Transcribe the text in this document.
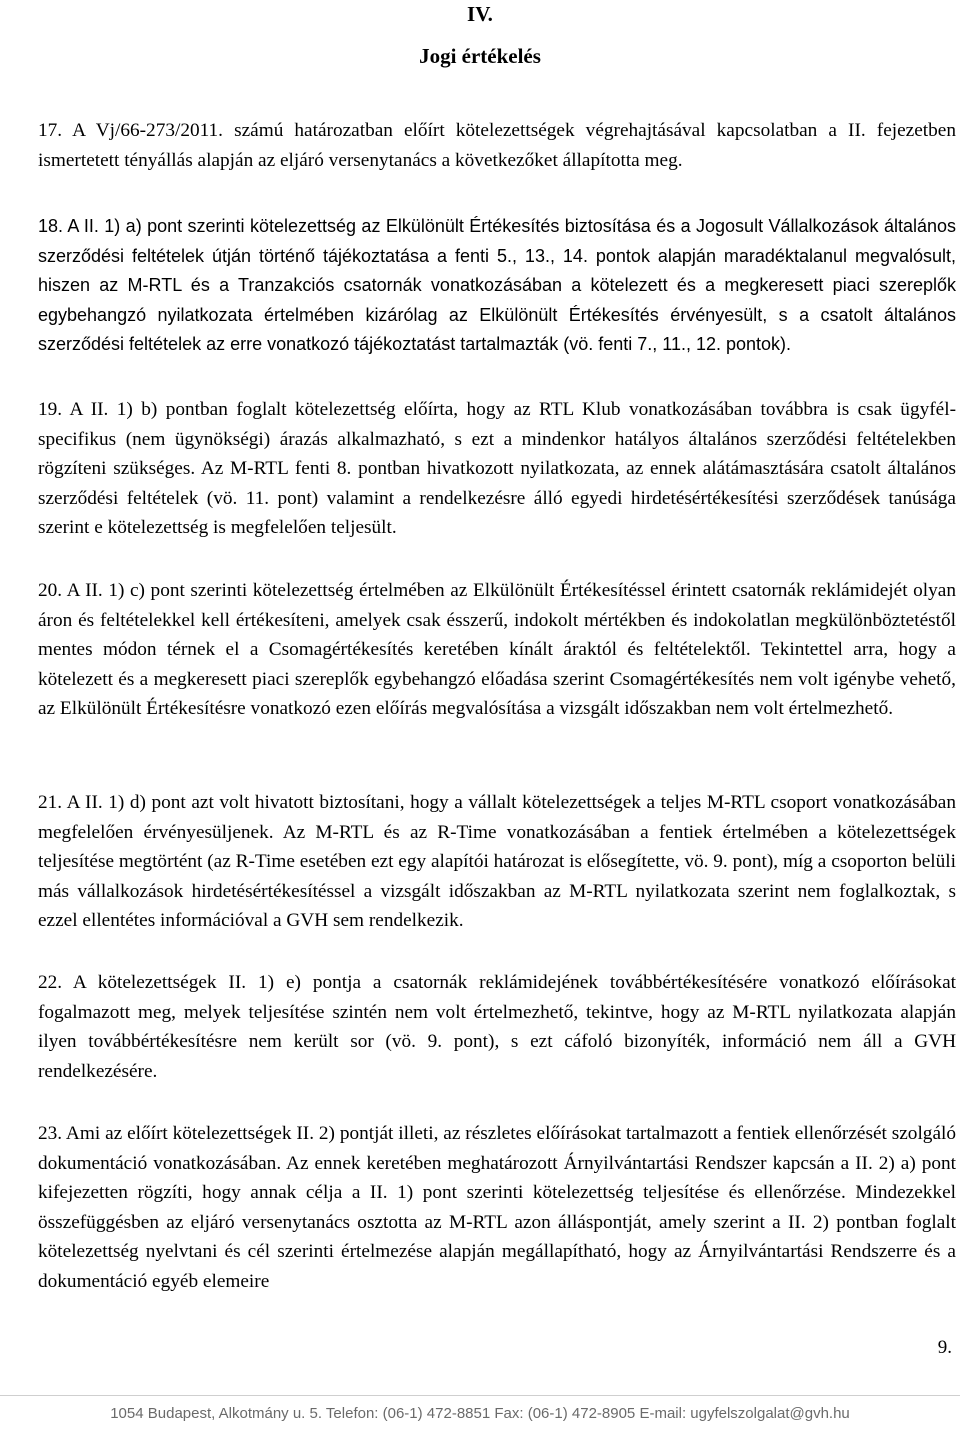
IV.
Jogi értékelés
17. A Vj/66-273/2011. számú határozatban előírt kötelezettségek végrehajtásával kapcsolatban a II. fejezetben ismertetett tényállás alapján az eljáró versenytanács a következőket állapította meg.
18. A II. 1) a) pont szerinti kötelezettség az Elkülönült Értékesítés biztosítása és a Jogosult Vállalkozások általános szerződési feltételek útján történő tájékoztatása a fenti 5., 13., 14. pontok alapján maradéktalanul megvalósult, hiszen az M-RTL és a Tranzakciós csatornák vonatkozásában a kötelezett és a megkeresett piaci szereplők egybehangzó nyilatkozata értelmében kizárólag az Elkülönült Értékesítés érvényesült, s a csatolt általános szerződési feltételek az erre vonatkozó tájékoztatást tartalmazták (vö. fenti 7., 11., 12. pontok).
19. A II. 1) b) pontban foglalt kötelezettség előírta, hogy az RTL Klub vonatkozásában továbbra is csak ügyfél-specifikus (nem ügynökségi) árazás alkalmazható, s ezt a mindenkor hatályos általános szerződési feltételekben rögzíteni szükséges. Az M-RTL fenti 8. pontban hivatkozott nyilatkozata, az ennek alátámasztására csatolt általános szerződési feltételek (vö. 11. pont) valamint a rendelkezésre álló egyedi hirdetésértékesítési szerződések tanúsága szerint e kötelezettség is megfelelően teljesült.
20. A II. 1) c) pont szerinti kötelezettség értelmében az Elkülönült Értékesítéssel érintett csatornák reklámidejét olyan áron és feltételekkel kell értékesíteni, amelyek csak ésszerű, indokolt mértékben és indokolatlan megkülönböztetéstől mentes módon térnek el a Csomagértékesítés keretében kínált áraktól és feltételektől. Tekintettel arra, hogy a kötelezett és a megkeresett piaci szereplők egybehangzó előadása szerint Csomagértékesítés nem volt igénybe vehető, az Elkülönült Értékesítésre vonatkozó ezen előírás megvalósítása a vizsgált időszakban nem volt értelmezhető.
21. A II. 1) d) pont azt volt hivatott biztosítani, hogy a vállalt kötelezettségek a teljes M-RTL csoport vonatkozásában megfelelően érvényesüljenek. Az M-RTL és az R-Time vonatkozásában a fentiek értelmében a kötelezettségek teljesítése megtörtént (az R-Time esetében ezt egy alapítói határozat is elősegítette, vö. 9. pont), míg a csoporton belüli más vállalkozások hirdetésértékesítéssel a vizsgált időszakban az M-RTL nyilatkozata szerint nem foglalkoztak, s ezzel ellentétes információval a GVH sem rendelkezik.
22. A kötelezettségek II. 1) e) pontja a csatornák reklámidejének továbbértékesítésére vonatkozó előírásokat fogalmazott meg, melyek teljesítése szintén nem volt értelmezhető, tekintve, hogy az M-RTL nyilatkozata alapján ilyen továbbértékesítésre nem került sor (vö. 9. pont), s ezt cáfoló bizonyíték, információ nem áll a GVH rendelkezésére.
23. Ami az előírt kötelezettségek II. 2) pontját illeti, az részletes előírásokat tartalmazott a fentiek ellenőrzését szolgáló dokumentáció vonatkozásában. Az ennek keretében meghatározott Árnyilvántartási Rendszer kapcsán a II. 2) a) pont kifejezetten rögzíti, hogy annak célja a II. 1) pont szerinti kötelezettség teljesítése és ellenőrzése. Mindezekkel összefüggésben az eljáró versenytanács osztotta az M-RTL azon álláspontját, amely szerint a II. 2) pontban foglalt kötelezettség nyelvtani és cél szerinti értelmezése alapján megállapítható, hogy az Árnyilvántartási Rendszerre és a dokumentáció egyéb elemeire
9.
1054 Budapest, Alkotmány u. 5. Telefon: (06-1) 472-8851 Fax: (06-1) 472-8905 E-mail: ugyfelszolgalat@gvh.hu
